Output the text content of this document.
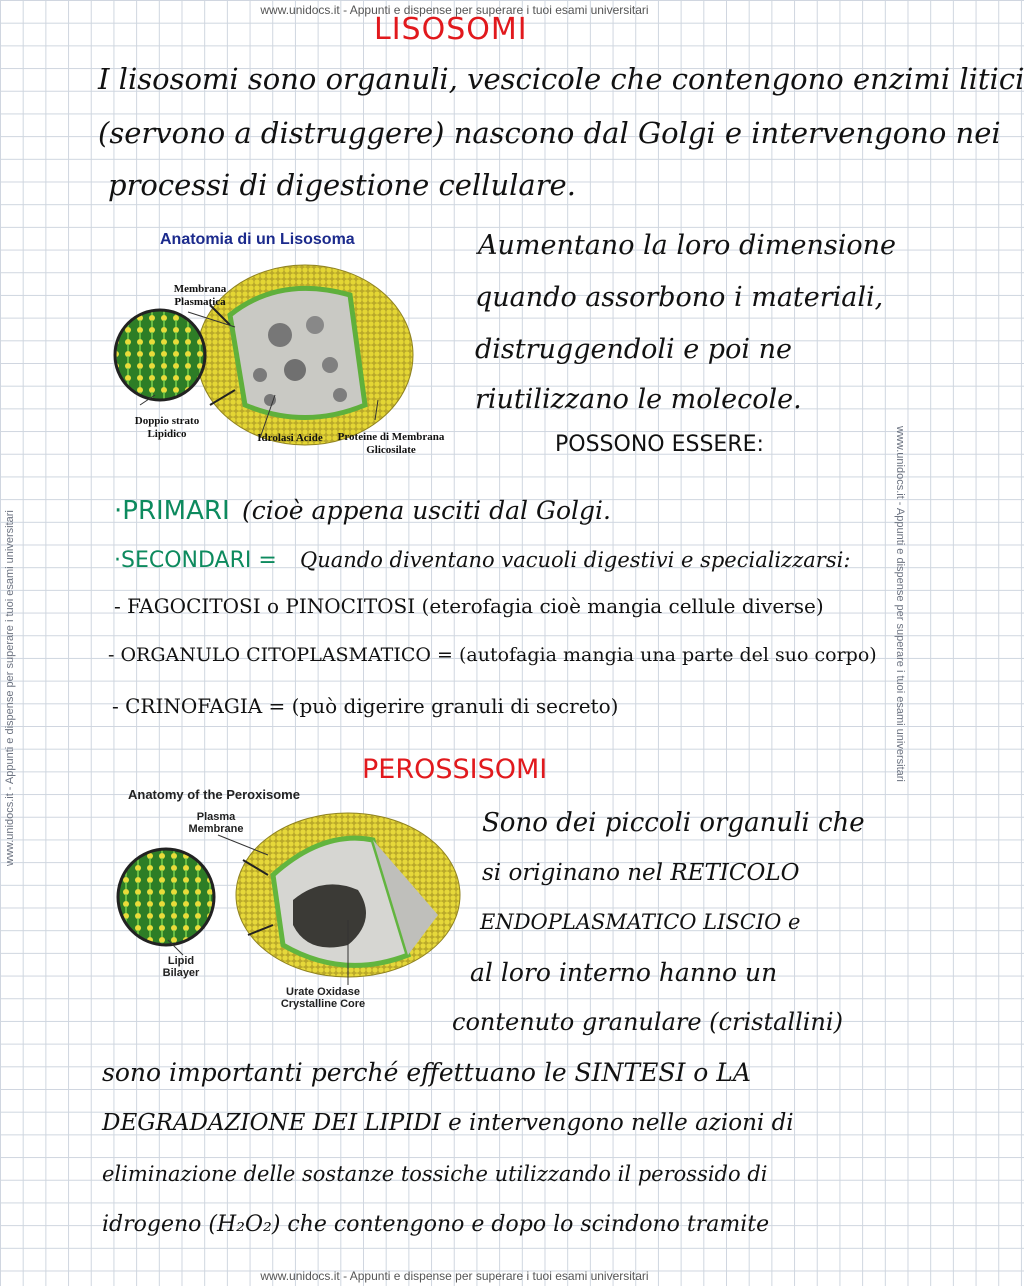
www.unidocs.it - Appunti e dispense per superare i tuoi esami universitari
www.unidocs.it - Appunti e dispense per superare i tuoi esami universitari
www.unidocs.it - Appunti e dispense per superare i tuoi esami universitari	www.unidocs.it - Appunti e dispense per superare i tuoi esami universitari
LISOSOMI
I lisosomi sono organuli, vescicole che contengono enzimi litici
(servono a distruggere) nascono dal Golgi e intervengono nei
processi di digestione cellulare.
Anatomia di un Lisosoma
Membrana Plasmatica
Doppio strato Lipidico	Idrolasi Acide	Proteine di Membrana Glicosilate
Aumentano la loro dimensione
quando assorbono i materiali,
distruggendoli e poi ne
riutilizzano le molecole.
POSSONO ESSERE:
·PRIMARI (cioè appena usciti dal Golgi.
·SECONDARI = Quando diventano vacuoli digestivi e specializzarsi:
- FAGOCITOSI o PINOCITOSI (eterofagia cioè mangia cellule diverse)
- ORGANULO CITOPLASMATICO = (autofagia mangia una parte del suo corpo)
- CRINOFAGIA = (può digerire granuli di secreto)
PEROSSISOMI
Anatomy of the Peroxisome
Plasma Membrane
Lipid Bilayer
Urate Oxidase Crystalline Core
Sono dei piccoli organuli che
si originano nel RETICOLO
ENDOPLASMATICO LISCIO e
al loro interno hanno un
contenuto granulare (cristallini)
sono importanti perché effettuano le SINTESI o LA
DEGRADAZIONE DEI LIPIDI e intervengono nelle azioni di
eliminazione delle sostanze tossiche utilizzando il perossido di
idrogeno (H₂O₂) che contengono e dopo lo scindono tramite
